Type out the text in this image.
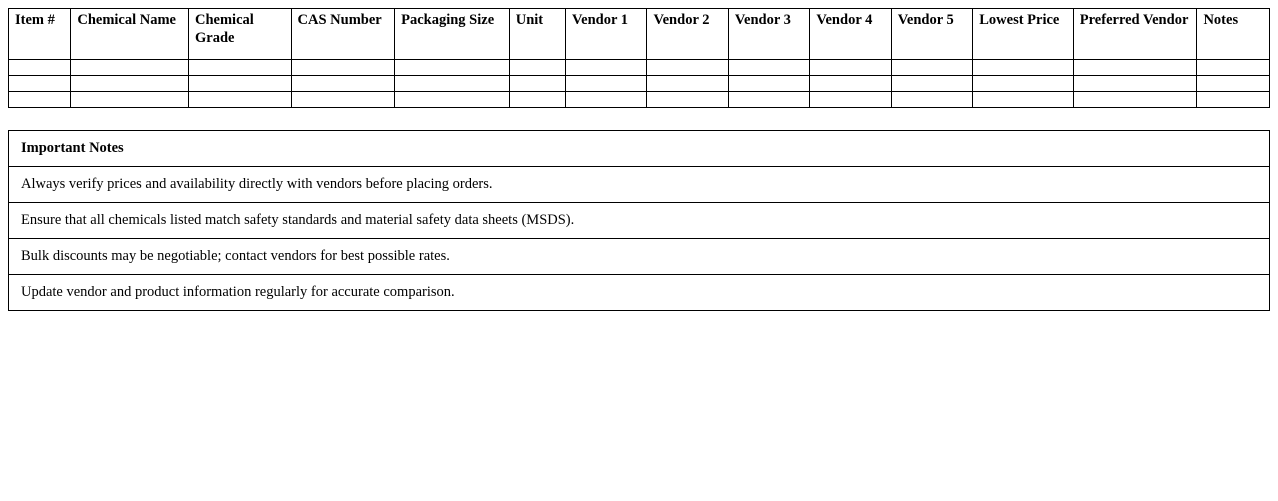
Item #	Chemical Name	Chemical Grade	CAS Number	Packaging Size	Unit	Vendor 1	Vendor 2	Vendor 3	Vendor 4	Vendor 5	Lowest Price	Preferred Vendor	Notes

Important Notes
Always verify prices and availability directly with vendors before placing orders.
Ensure that all chemicals listed match safety standards and material safety data sheets (MSDS).
Bulk discounts may be negotiable; contact vendors for best possible rates.
Update vendor and product information regularly for accurate comparison.
